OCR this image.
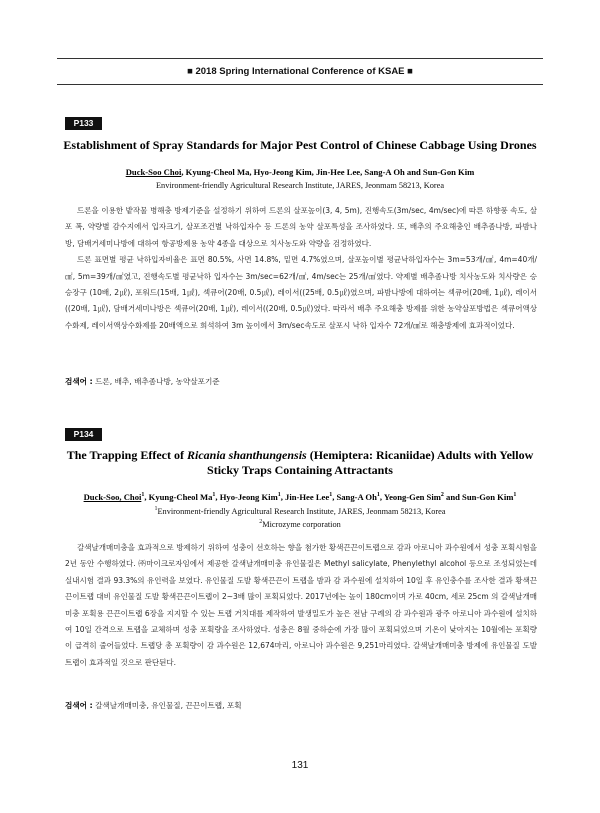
■ 2018 Spring International Conference of KSAE ■
P133
Establishment of Spray Standards for Major Pest Control of Chinese Cabbage Using Drones
Duck-Soo Choi, Kyung-Cheol Ma, Hyo-Jeong Kim, Jin-Hee Lee, Sang-A Oh and Sun-Gon Kim
Environment-friendly Agricultural Research Institute, JARES, Jeonmam 58213, Korea

드론을 이용한 밭작물 병해충 방제기준을 설정하기 위하여 드론의 살포높이(3, 4, 5m), 진행속도(3m/sec, 4m/sec)에 따른 하향풍 속도, 살포 폭, 약량별 감수지에서 입자크기, 살포조건별 낙하입자수 등 드론의 농약 살포특성을 조사하였다. 또, 배추의 주요해충인 배추좀나방, 파밤나방, 담배거세미나방에 대하여 항공방제용 농약 4종을 대상으로 치사농도와 약량을 검정하였다.

드론 표면별 평균 낙하입자비율은 표면 80.5%, 사면 14.8%, 밑면 4.7%였으며, 살포높이별 평균낙하입자수는 3m=53개/㎠, 4m=40개/㎠, 5m=39개/㎠였고, 진행속도별 평균낙하 입자수는 3m/sec=62개/㎠, 4m/sec는 25개/㎠였다. 약제별 배추좀나방 치사농도와 치사량은 승승장구 (10배, 2㎕), 포워드(15배, 1㎕), 섹큐어(20배, 0.5㎕), 레이서((25배, 0.5㎕)였으며, 파밤나방에 대하여는 섹큐어(20배, 1㎕), 레이서((20배, 1㎕), 담배거세미나방은 섹큐어(20배, 1㎕), 레이서((20배, 0.5㎕)였다. 따라서 배추 주요해충 방제를 위한 농약살포방법은 섹큐어액상수화제, 레이서액상수화제를 20배액으로 희석하여 3m 높이에서 3m/sec속도로 살포시 낙하 입자수 72개/㎠로 해충방제에 효과적이었다.

검색어 : 드론, 배추, 배추좀나방, 농약살포기준
P134
The Trapping Effect of Ricania shanthungensis (Hemiptera: Ricaniidae) Adults with Yellow Sticky Traps Containing Attractants
Duck-Soo, Choi$^1$, Kyung-Cheol Ma$^1$, Hyo-Jeong Kim$^1$, Jin-Hee Lee$^1$, Sang-A Oh$^1$, Yeong-Gen Sim$^2$ and Sun-Gon Kim$^1$
$^1$Environment-friendly Agricultural Research Institute, JARES, Jeonmam 58213, Korea
$^2$Microzyme corporation

갈색날개매미충을 효과적으로 방제하기 위하여 성충이 선호하는 향을 첨가한 황색끈끈이트랩으로 감과 아로니아 과수원에서 성충 포획시험을 2년 동안 수행하였다. ㈜마이크로자임에서 제공한 갈색날개매미충 유인물질은 Methyl salicylate, Phenylethyl alcohol 등으로 조성되었는데 실내시험 결과 93.3%의 유인력을 보였다. 유인물질 도발 황색끈끈이 트랩을 밤과 감 과수원에 설치하여 10일 후 유인충수를 조사한 결과 황색끈끈이트랩 대비 유인물질 도발 황색끈끈이트랩이 2~3배 많이 포획되었다. 2017년에는 높이 180cm이며 가로 40cm, 세로 25cm 의 갈색날개매미충 포획용 끈끈이트랩 6장을 지지할 수 있는 트랩 거치대를 제작하여 발생밀도가 높은 전남 구례의 감 과수원과 광주 아로니아 과수원에 설치하여 10일 간격으로 트랩을 교체하며 성충 포획량을 조사하였다. 성충은 8월 중하순에 가장 많이 포획되었으며 기온이 낮아지는 10월에는 포획량이 급격히 줄어들었다. 트랩당 총 포획량이 감 과수원은 12,674마리, 아로니아 과수원은 9,251마리였다. 갈색날개매미충 방제에 유인물질 도발트랩이 효과적일 것으로 판단된다.

검색어 : 갈색날개매미충, 유인물질, 끈끈이트랩, 포획
131
